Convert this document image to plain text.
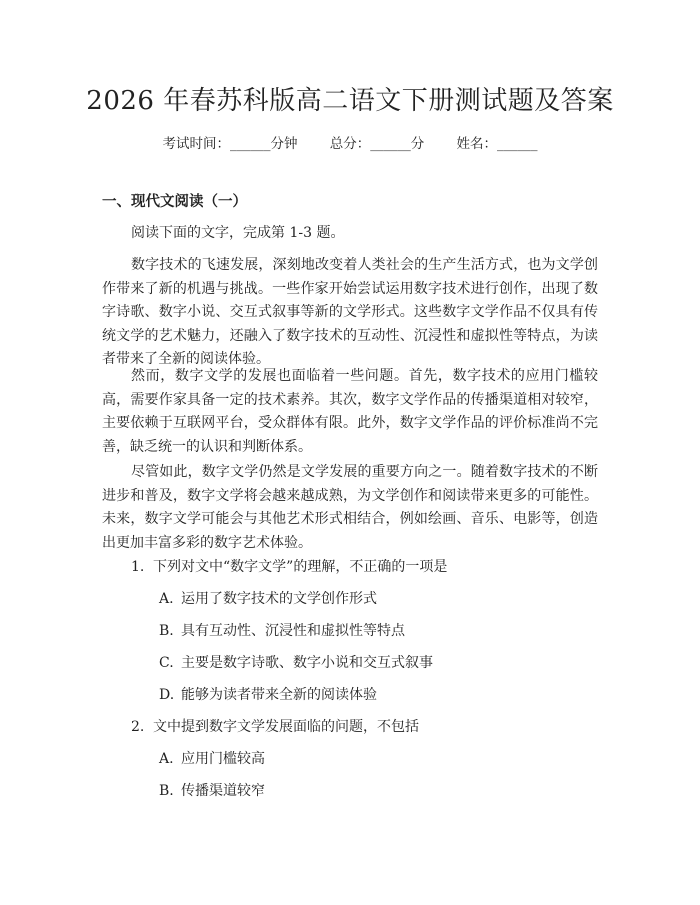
2026 年春苏科版高二语文下册测试题及答案
考试时间：______分钟 总分：______分 姓名：______
一、现代文阅读（一）
阅读下面的文字，完成第 1-3 题。
数字技术的飞速发展，深刻地改变着人类社会的生产生活方式，也为文学创作带来了新的机遇与挑战。一些作家开始尝试运用数字技术进行创作，出现了数字诗歌、数字小说、交互式叙事等新的文学形式。这些数字文学作品不仅具有传统文学的艺术魅力，还融入了数字技术的互动性、沉浸性和虚拟性等特点，为读者带来了全新的阅读体验。
然而，数字文学的发展也面临着一些问题。首先，数字技术的应用门槛较高，需要作家具备一定的技术素养。其次，数字文学作品的传播渠道相对较窄，主要依赖于互联网平台，受众群体有限。此外，数字文学作品的评价标准尚不完善，缺乏统一的认识和判断体系。
尽管如此，数字文学仍然是文学发展的重要方向之一。随着数字技术的不断进步和普及，数字文学将会越来越成熟，为文学创作和阅读带来更多的可能性。未来，数字文学可能会与其他艺术形式相结合，例如绘画、音乐、电影等，创造出更加丰富多彩的数字艺术体验。
1. 下列对文中“数字文学”的理解，不正确的一项是
A. 运用了数字技术的文学创作形式
B. 具有互动性、沉浸性和虚拟性等特点
C. 主要是数字诗歌、数字小说和交互式叙事
D. 能够为读者带来全新的阅读体验
2. 文中提到数字文学发展面临的问题，不包括
A. 应用门槛较高
B. 传播渠道较窄
